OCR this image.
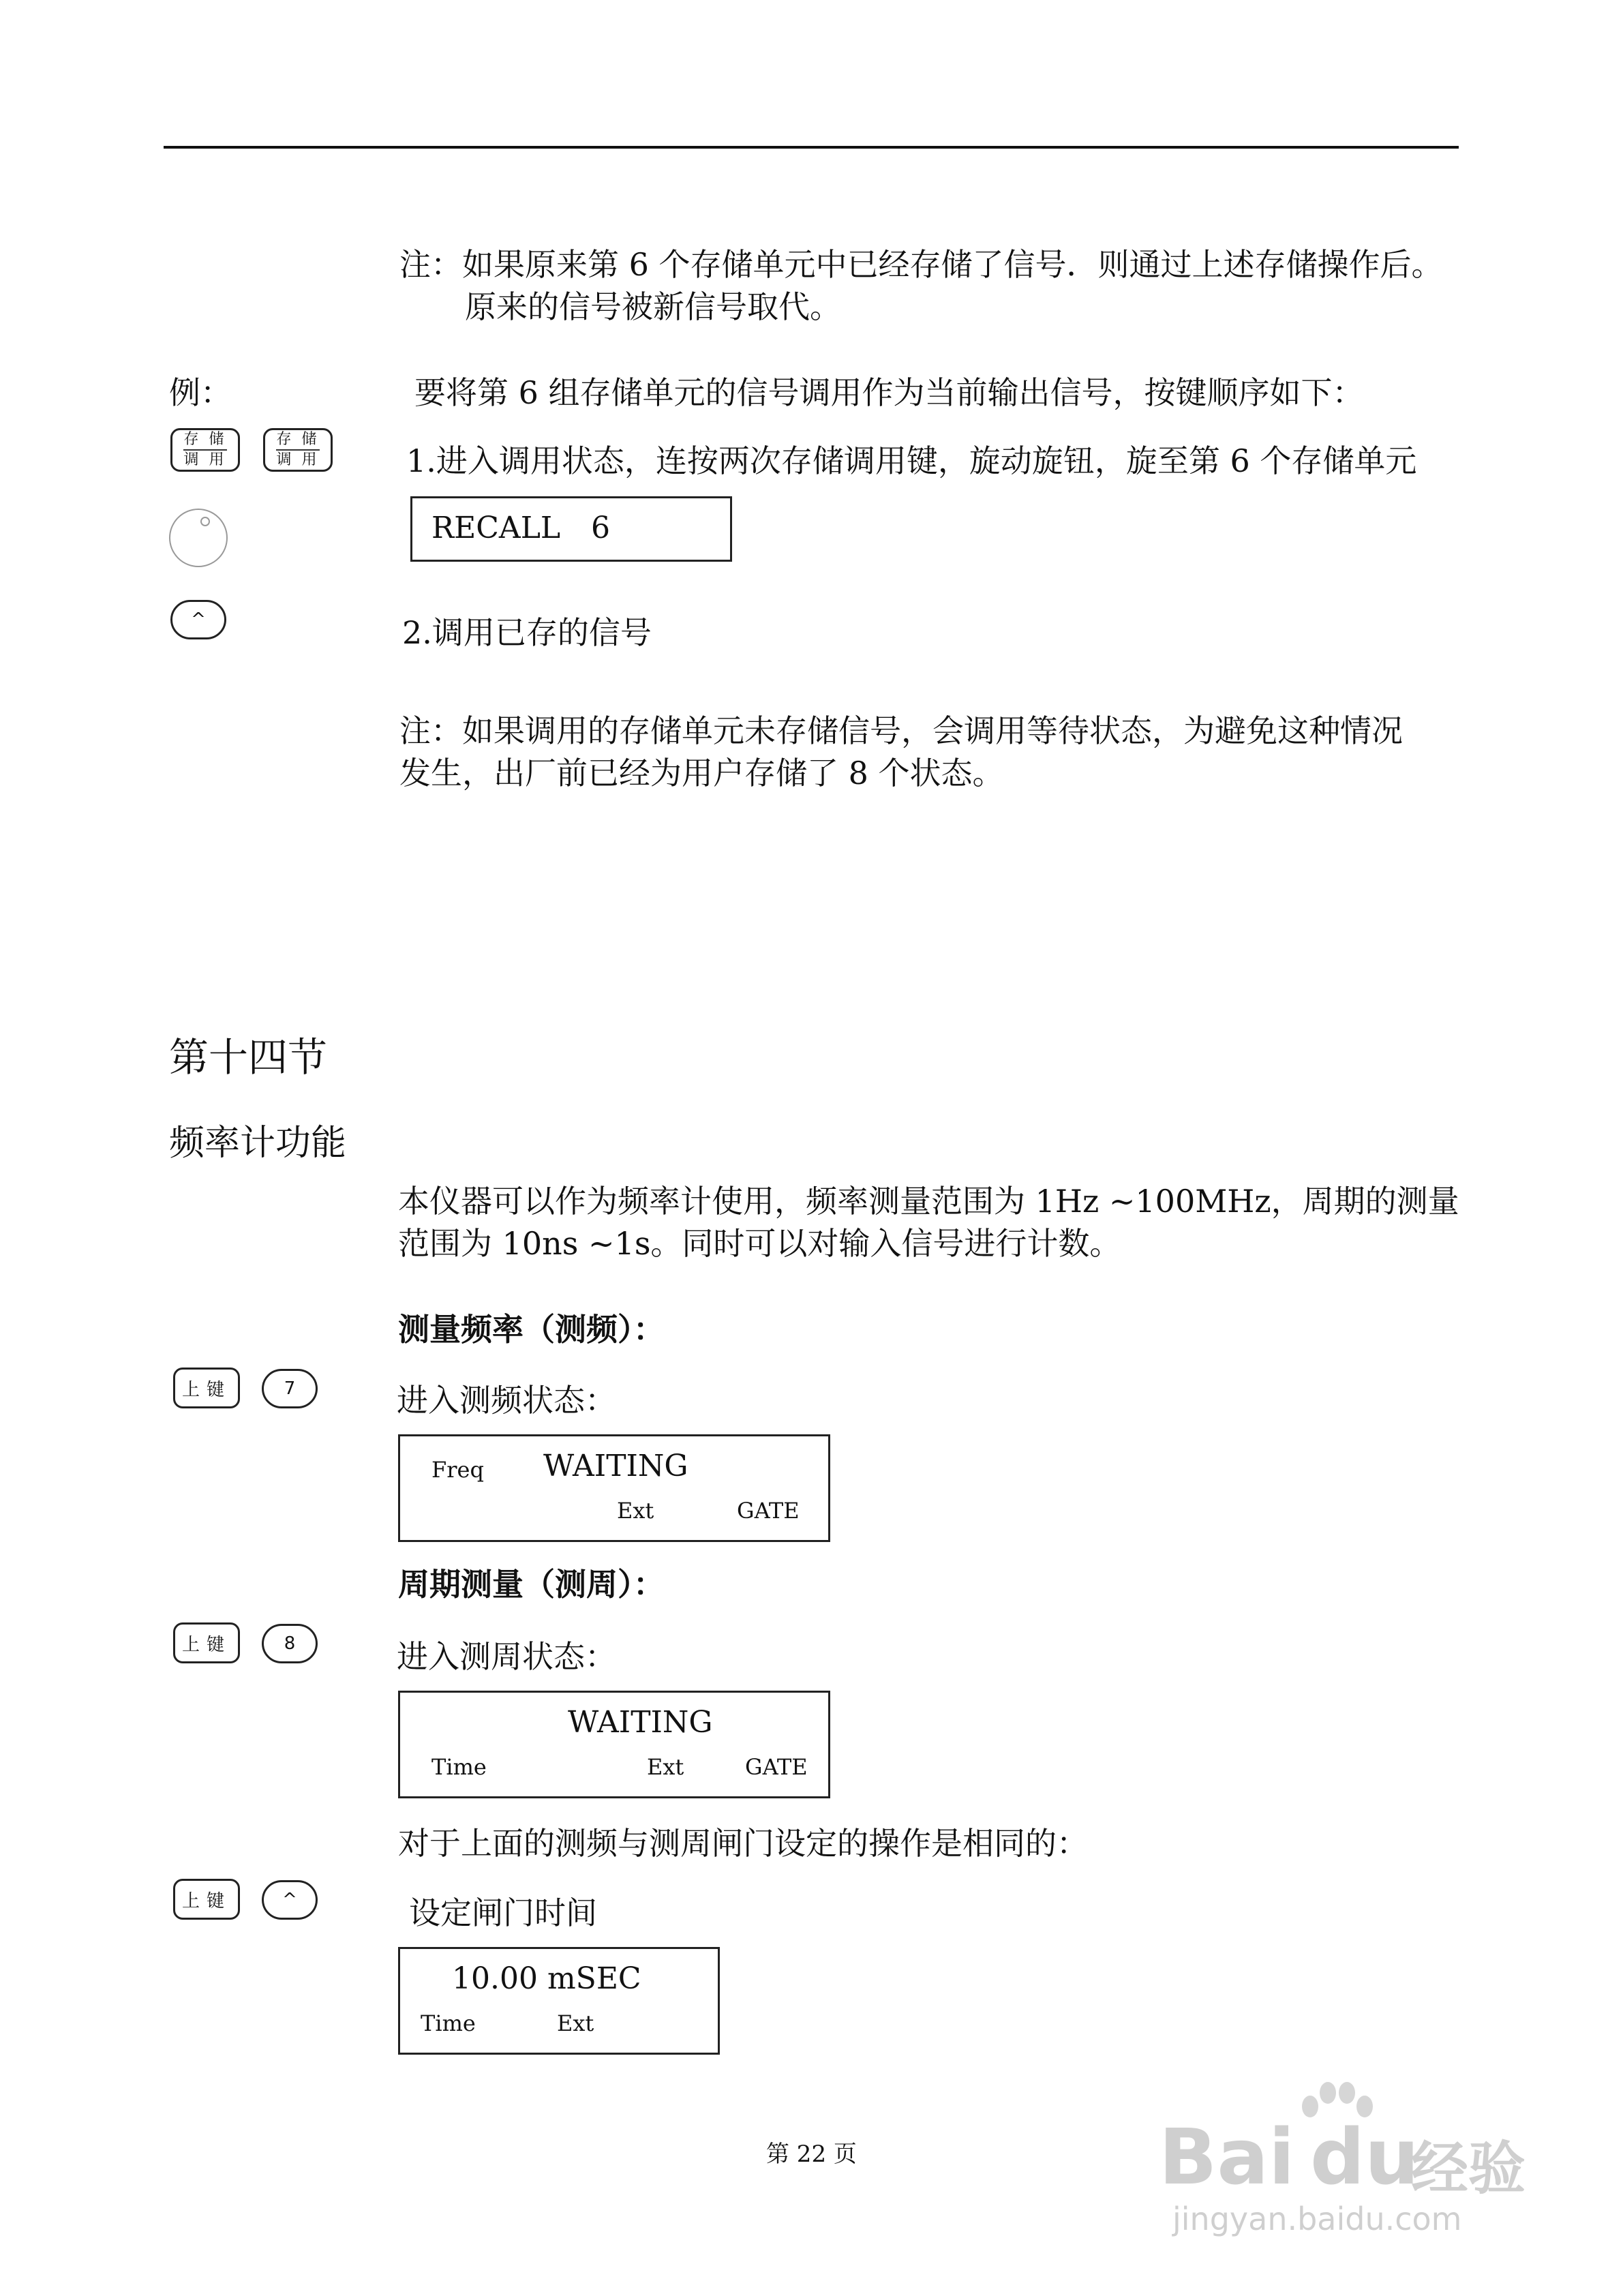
注：如果原来第 6 个存储单元中已经存储了信号．则通过上述存储操作后。
原来的信号被新信号取代。
例：	要将第 6 组存储单元的信号调用作为当前输出信号，按键顺序如下：
存 储
调 用
存 储
调 用	1.进入调用状态，连按两次存储调用键，旋动旋钮，旋至第 6 个存储单元
RECALL 6
^	2.调用已存的信号
注：如果调用的存储单元未存储信号，会调用等待状态，为避免这种情况
发生，出厂前已经为用户存储了 8 个状态。
第十四节
频率计功能
本仪器可以作为频率计使用，频率测量范围为 1Hz ~100MHz，周期的测量
范围为 10ns ~1s。同时可以对输入信号进行计数。
测量频率（测频）：
上键	7	进入测频状态：
Freq WAITING
Ext	GATE
周期测量（测周）：
上键	8	进入测周状态：
WAITING
Time	Ext	GATE
对于上面的测频与测周闸门设定的操作是相同的：
上键	^	设定闸门时间
10.00 mSEC
Time	Ext
第 22 页	Bai du
经验
jingyan.baidu.com
